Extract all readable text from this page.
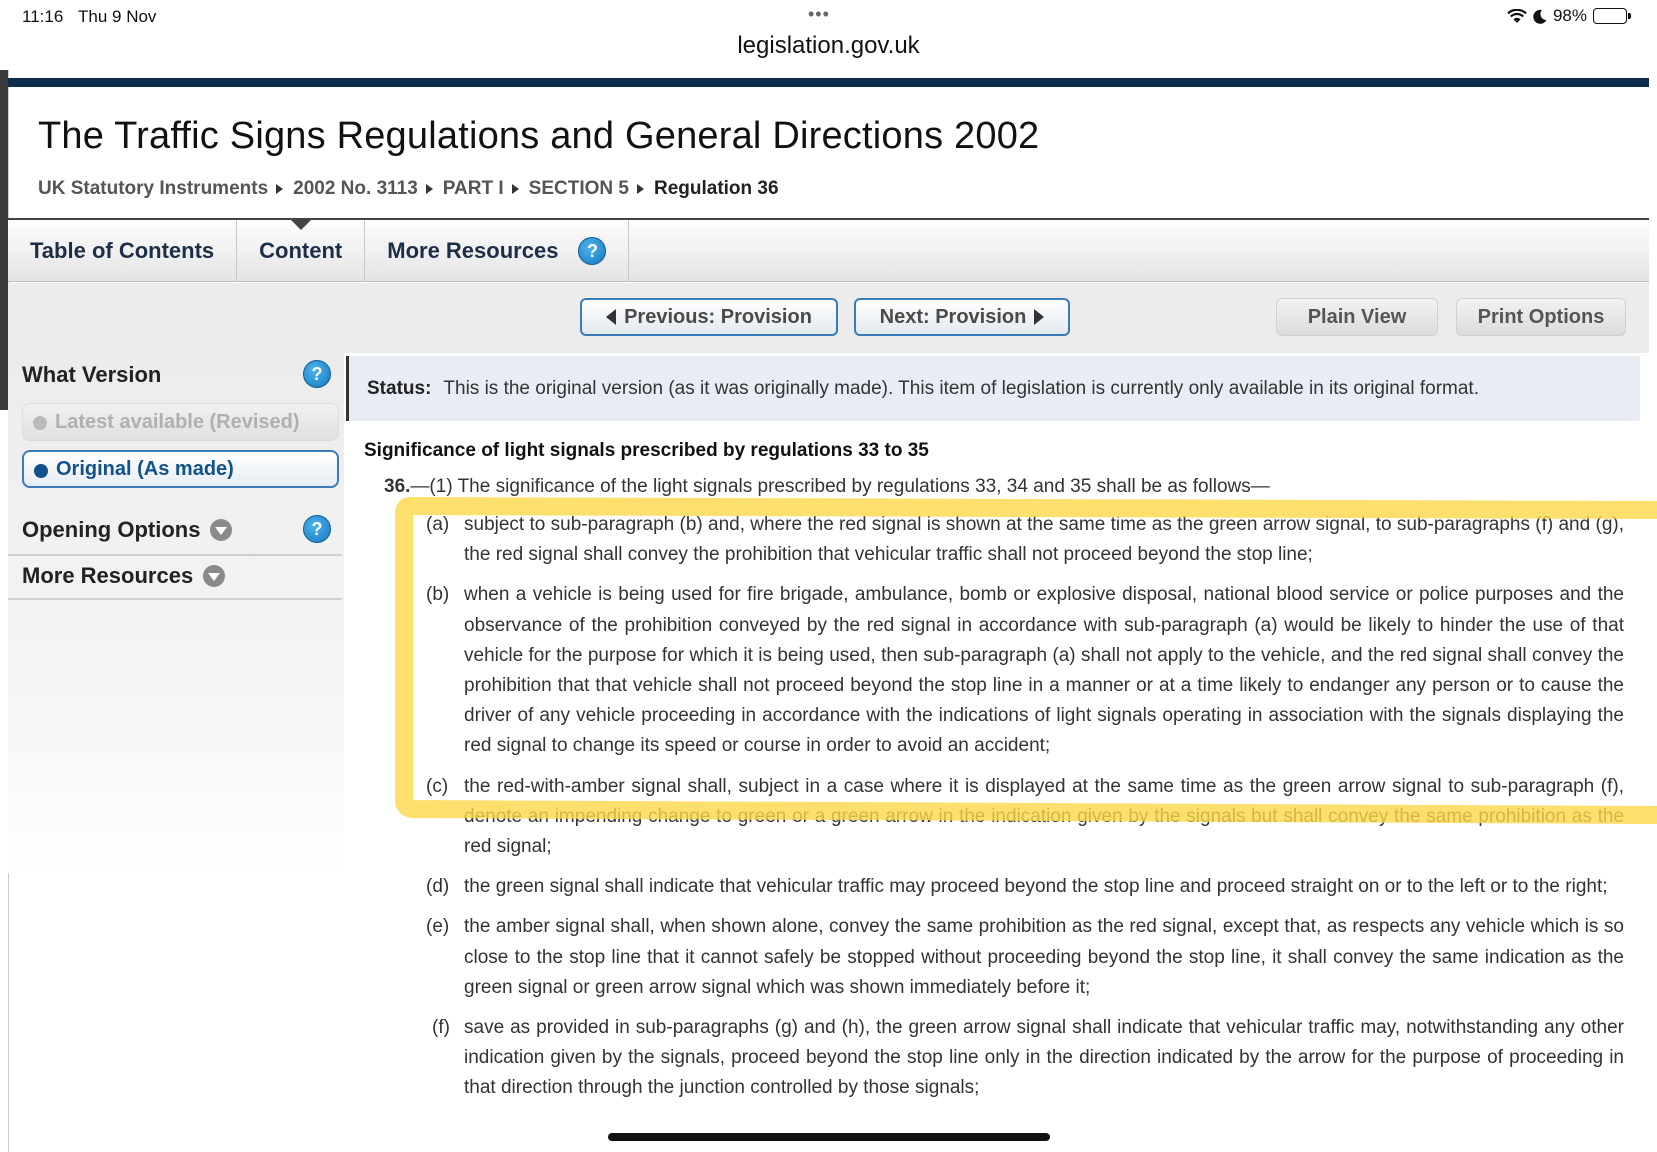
11:16 Thu 9 Nov	•••	98%
legislation.gov.uk
The Traffic Signs Regulations and General Directions 2002
UK Statutory Instruments 2002 No. 3113 PART I SECTION 5 Regulation 36
Table of Contents Content More Resources	?
Previous: Provision	Next: Provision	Plain View	Print Options
What Version	?
Latest available (Revised)
Original (As made)
Opening Options	?
More Resources
Status: This is the original version (as it was originally made). This item of legislation is currently only available in its original format.
Significance of light signals prescribed by regulations 33 to 35
36.—(1) The significance of the light signals prescribed by regulations 33, 34 and 35 shall be as follows—
(a) subject to sub-paragraph (b) and, where the red signal is shown at the same time as the green arrow signal, to sub-paragraphs (f) and (g), the red signal shall convey the prohibition that vehicular traffic shall not proceed beyond the stop line;
(b) when a vehicle is being used for fire brigade, ambulance, bomb or explosive disposal, national blood service or police purposes and the observance of the prohibition conveyed by the red signal in accordance with sub-paragraph (a) would be likely to hinder the use of that vehicle for the purpose for which it is being used, then sub-paragraph (a) shall not apply to the vehicle, and the red signal shall convey the prohibition that that vehicle shall not proceed beyond the stop line in a manner or at a time likely to endanger any person or to cause the driver of any vehicle proceeding in accordance with the indications of light signals operating in association with the signals displaying the red signal to change its speed or course in order to avoid an accident;
(c) the red-with-amber signal shall, subject in a case where it is displayed at the same time as the green arrow signal to sub-paragraph (f), denote an impending change to green or a green arrow in the indication given by the signals but shall convey the same prohibition as the red signal;
(d) the green signal shall indicate that vehicular traffic may proceed beyond the stop line and proceed straight on or to the left or to the right;
(e) the amber signal shall, when shown alone, convey the same prohibition as the red signal, except that, as respects any vehicle which is so close to the stop line that it cannot safely be stopped without proceeding beyond the stop line, it shall convey the same indication as the green signal or green arrow signal which was shown immediately before it;
(f) save as provided in sub-paragraphs (g) and (h), the green arrow signal shall indicate that vehicular traffic may, notwithstanding any other indication given by the signals, proceed beyond the stop line only in the direction indicated by the arrow for the purpose of proceeding in that direction through the junction controlled by those signals;
